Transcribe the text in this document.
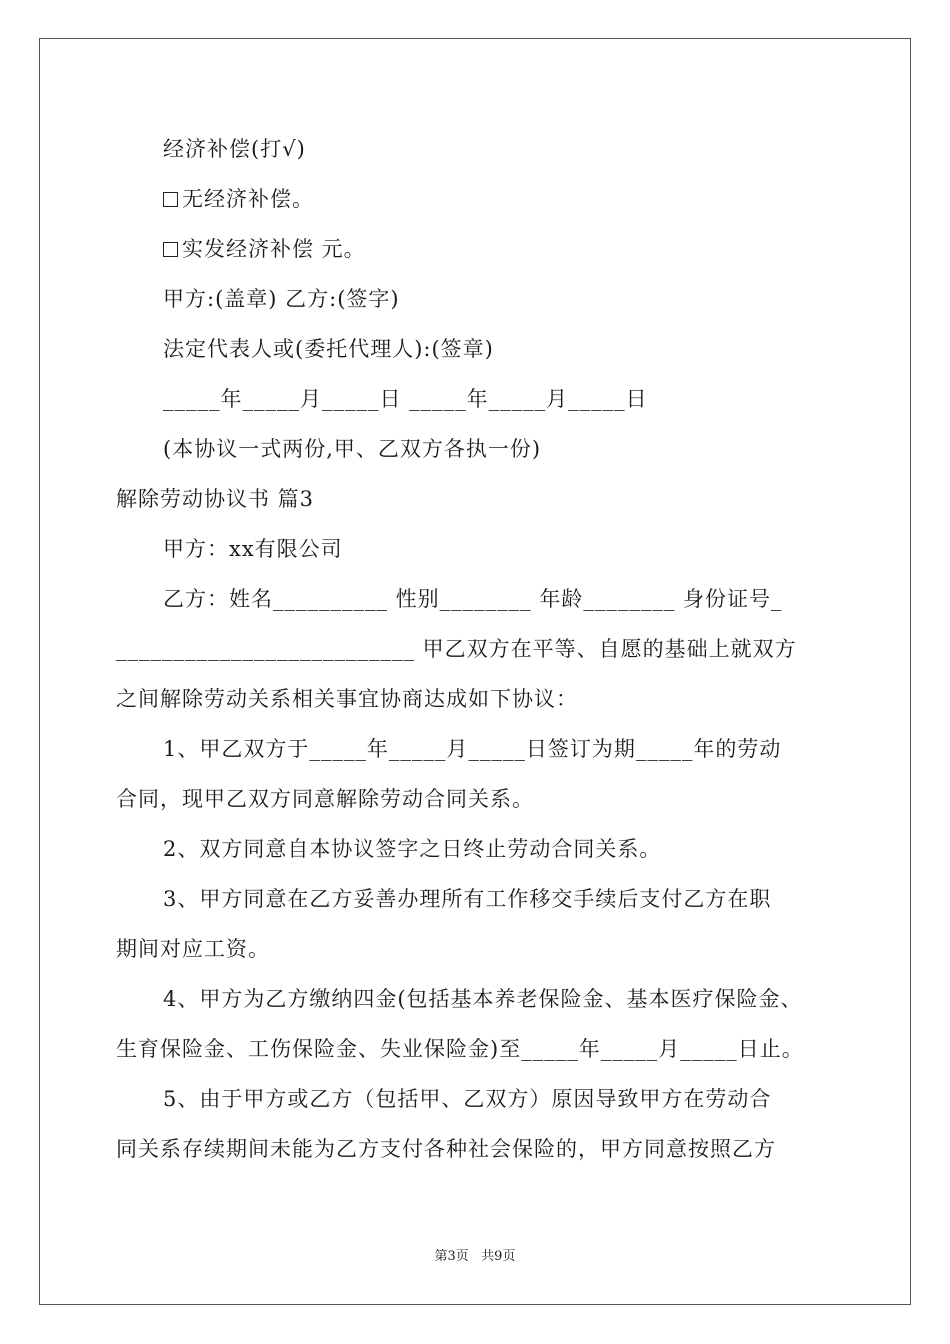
经济补偿(打√)
无经济补偿。
实发经济补偿 元。
甲方:(盖章) 乙方:(签字)
法定代表人或(委托代理人):(签章)
_____年_____月_____日 _____年_____月_____日
(本协议一式两份,甲、乙双方各执一份)
解除劳动协议书 篇3
甲方：xx有限公司
乙方：姓名__________ 性别________ 年龄________ 身份证号_
__________________________ 甲乙双方在平等、自愿的基础上就双方
之间解除劳动关系相关事宜协商达成如下协议：
1、甲乙双方于_____年_____月_____日签订为期_____年的劳动
合同，现甲乙双方同意解除劳动合同关系。
2、双方同意自本协议签字之日终止劳动合同关系。
3、甲方同意在乙方妥善办理所有工作移交手续后支付乙方在职
期间对应工资。
4、甲方为乙方缴纳四金(包括基本养老保险金、基本医疗保险金、
生育保险金、工伤保险金、失业保险金)至_____年_____月_____日止。
5、由于甲方或乙方（包括甲、乙双方）原因导致甲方在劳动合
同关系存续期间未能为乙方支付各种社会保险的，甲方同意按照乙方
第3页   共9页
